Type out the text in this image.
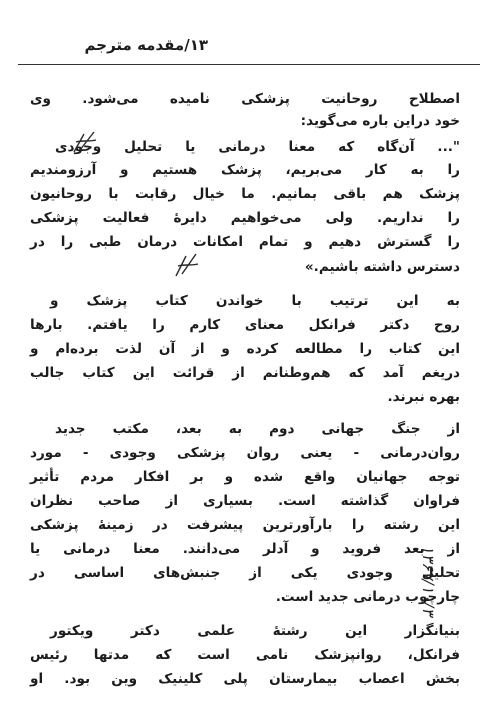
۱۳/مقدمه مترجم
اصطلاح روحانیت پزشکی نامیده می‌شود. وی
خود دراین باره می‌گوید:
"... آن‌گاه که معنا درمانی یا تحلیل وجودی
را به کار می‌بریم، پزشک هستیم و آرزومندیم
پزشک هم باقی بمانیم. ما خیال رقابت با روحانیون
را نداریم. ولی می‌خواهیم دایرهٔ فعالیت پزشکی
را گسترش دهیم و تمام امکانات درمان طبی را در
دسترس داشته باشیم.»
به این ترتیب با خواندن کتاب پزشک و
روح دکتر فرانکل معنای کارم را یافتم. بارها
این کتاب را مطالعه کرده و از آن لذت برده‌ام و
دریغم آمد که هم‌وطنانم از قرائت این کتاب جالب
بهره نبرند.
از جنگ جهانی دوم به بعد، مکتب جدید
روان‌درمانی - یعنی روان پزشکی وجودی - مورد
توجه جهانیان واقع شده و بر افکار مردم تأثیر
فراوان گذاشته است. بسیاری از صاحب نظران
این رشته را بارآورترین پیشرفت در زمینهٔ پزشکی
از بعد فروید و آدلر می‌دانند. معنا درمانی یا
تحلیل وجودی یکی از جنبش‌های اساسی در
چارچوب درمانی جدید است.
بنیانگزار این رشتهٔ علمی دکتر ویکتور
فرانکل، روانپزشک نامی است که مدتها رئیس
بخش اعصاب بیمارستان پلی کلینیک وین بود. او
۱۳۶۷/۱۰/۳
